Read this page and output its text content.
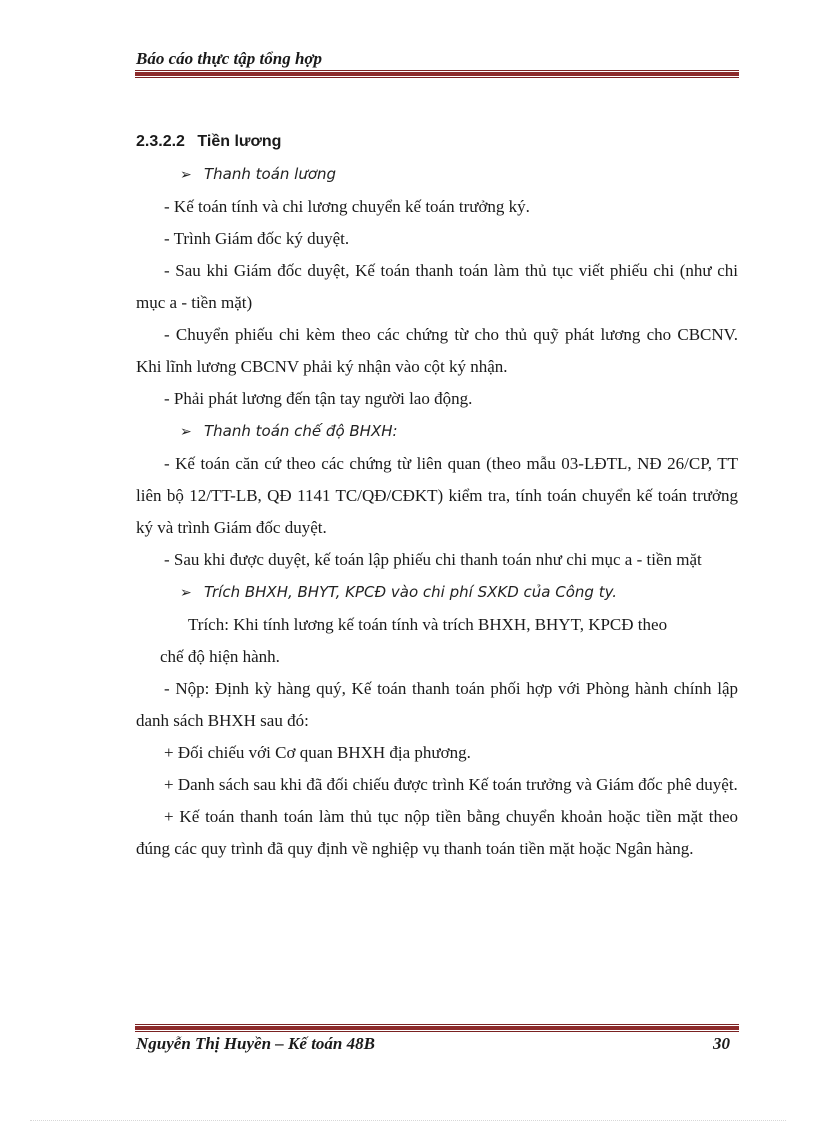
Báo cáo thực tập tổng hợp

2.3.2.2 Tiền lương

➢ Thanh toán lương

- Kế toán tính và chi lương chuyển kế toán trưởng ký.

- Trình Giám đốc ký duyệt.

- Sau khi Giám đốc duyệt, Kế toán thanh toán làm thủ tục viết phiếu chi (như chi mục a - tiền mặt)

- Chuyển phiếu chi kèm theo các chứng từ cho thủ quỹ phát lương cho CBCNV. Khi lĩnh lương CBCNV phải ký nhận vào cột ký nhận.

- Phải phát lương đến tận tay người lao động.

➢ Thanh toán chế độ BHXH:

- Kế toán căn cứ theo các chứng từ liên quan (theo mẫu 03-LĐTL, NĐ 26/CP, TT liên bộ 12/TT-LB, QĐ 1141 TC/QĐ/CĐKT) kiểm tra, tính toán chuyển kế toán trưởng ký và trình Giám đốc duyệt.

- Sau khi được duyệt, kế toán lập phiếu chi thanh toán như chi mục a - tiền mặt

➢ Trích BHXH, BHYT, KPCĐ vào chi phí SXKD của Công ty.

Trích: Khi tính lương kế toán tính và trích BHXH, BHYT, KPCĐ theo

chế độ hiện hành.

- Nộp: Định kỳ hàng quý, Kế toán thanh toán phối hợp với Phòng hành chính lập danh sách BHXH sau đó:

+ Đối chiếu với Cơ quan BHXH địa phương.

+ Danh sách sau khi đã đối chiếu được trình Kế toán trưởng và Giám đốc phê duyệt.

+ Kế toán thanh toán làm thủ tục nộp tiền bằng chuyển khoản hoặc tiền mặt theo đúng các quy trình đã quy định về nghiệp vụ thanh toán tiền mặt hoặc Ngân hàng.

Nguyễn Thị Huyền – Kế toán 48B	30
